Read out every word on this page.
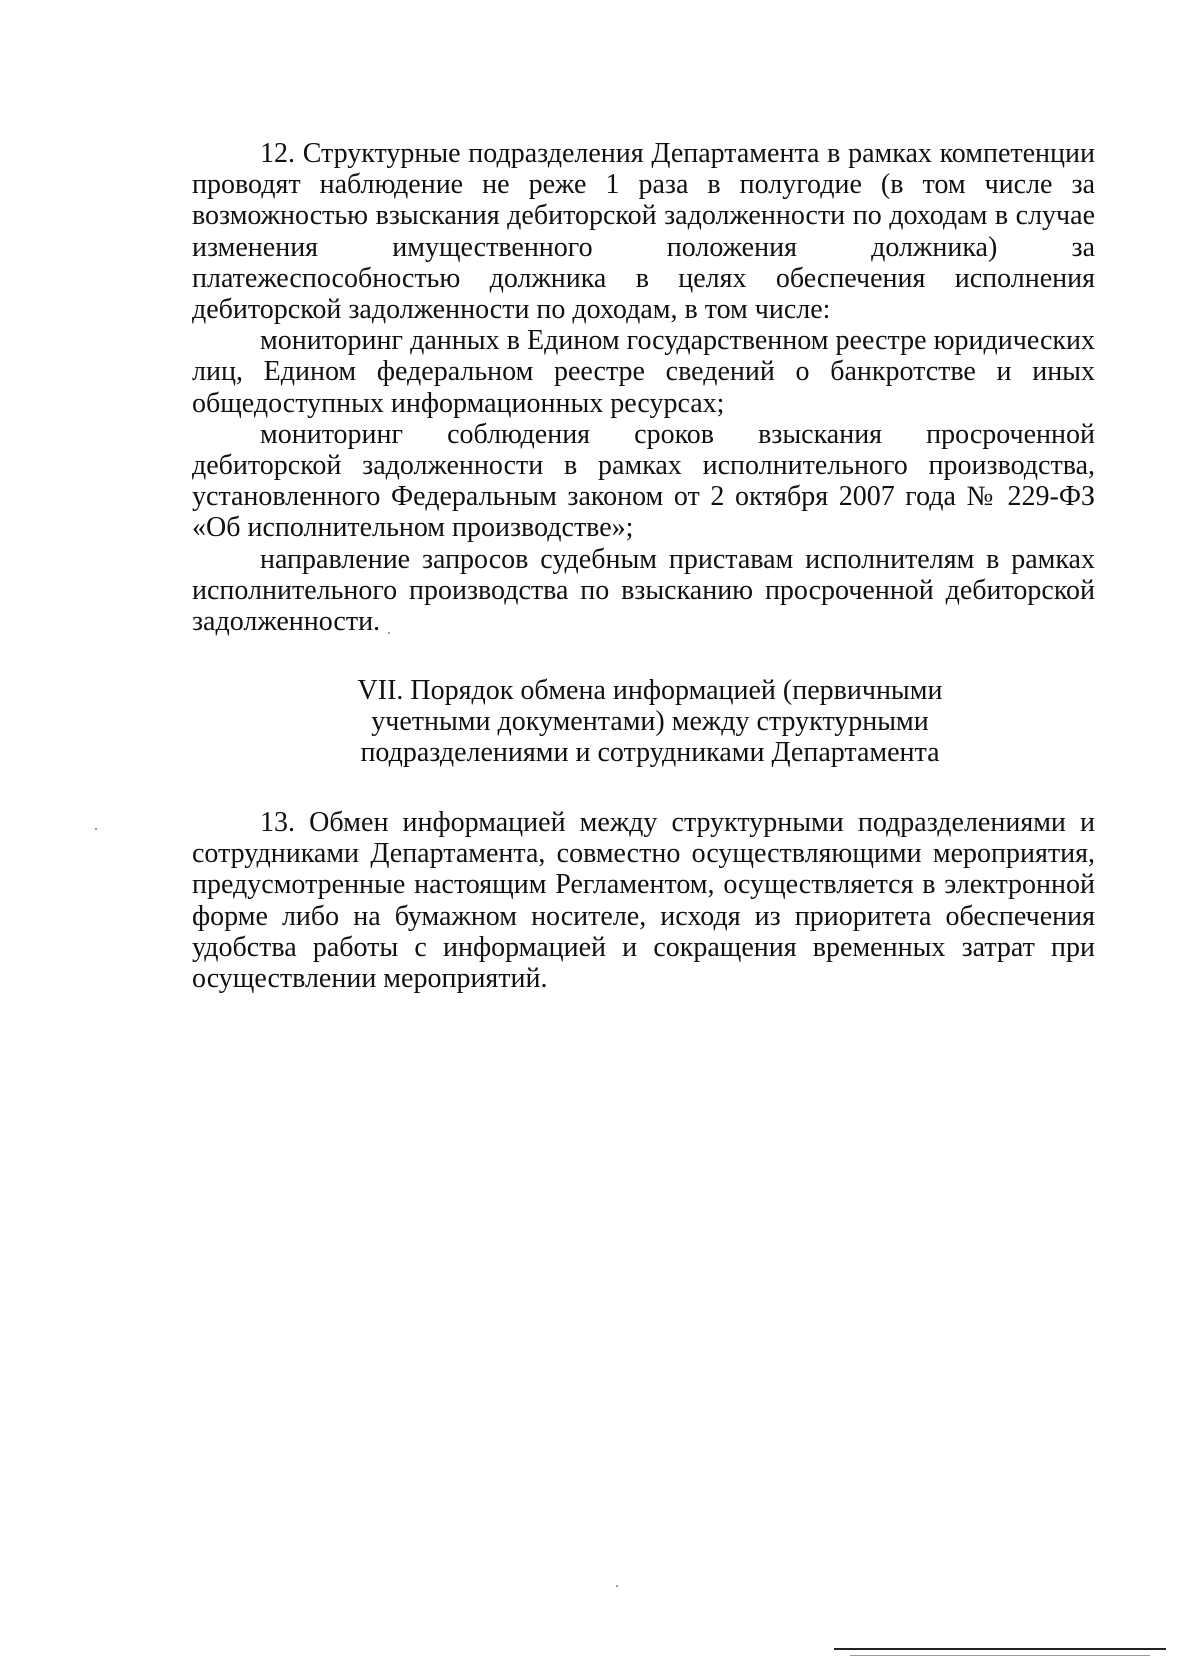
12. Структурные подразделения Департамента в рамках компетенции проводят наблюдение не реже 1 раза в полугодие (в том числе за возможностью взыскания дебиторской задолженности по доходам в случае изменения имущественного положения должника) за платежеспособностью должника в целях обеспечения исполнения дебиторской задолженности по доходам, в том числе:

мониторинг данных в Едином государственном реестре юридических лиц, Едином федеральном реестре сведений о банкротстве и иных общедоступных информационных ресурсах;

мониторинг соблюдения сроков взыскания просроченной дебиторской задолженности в рамках исполнительного производства, установленного Федеральным законом от 2 октября 2007 года № 229-ФЗ «Об исполнительном производстве»;

направление запросов судебным приставам исполнителям в рамках исполнительного производства по взысканию просроченной дебиторской задолженности.

VII. Порядок обмена информацией (первичными
учетными документами) между структурными
подразделениями и сотрудниками Департамента

13. Обмен информацией между структурными подразделениями и сотрудниками Департамента, совместно осуществляющими мероприятия, предусмотренные настоящим Регламентом, осуществляется в электронной форме либо на бумажном носителе, исходя из приоритета обеспечения удобства работы с информацией и сокращения временных затрат при осуществлении мероприятий.
